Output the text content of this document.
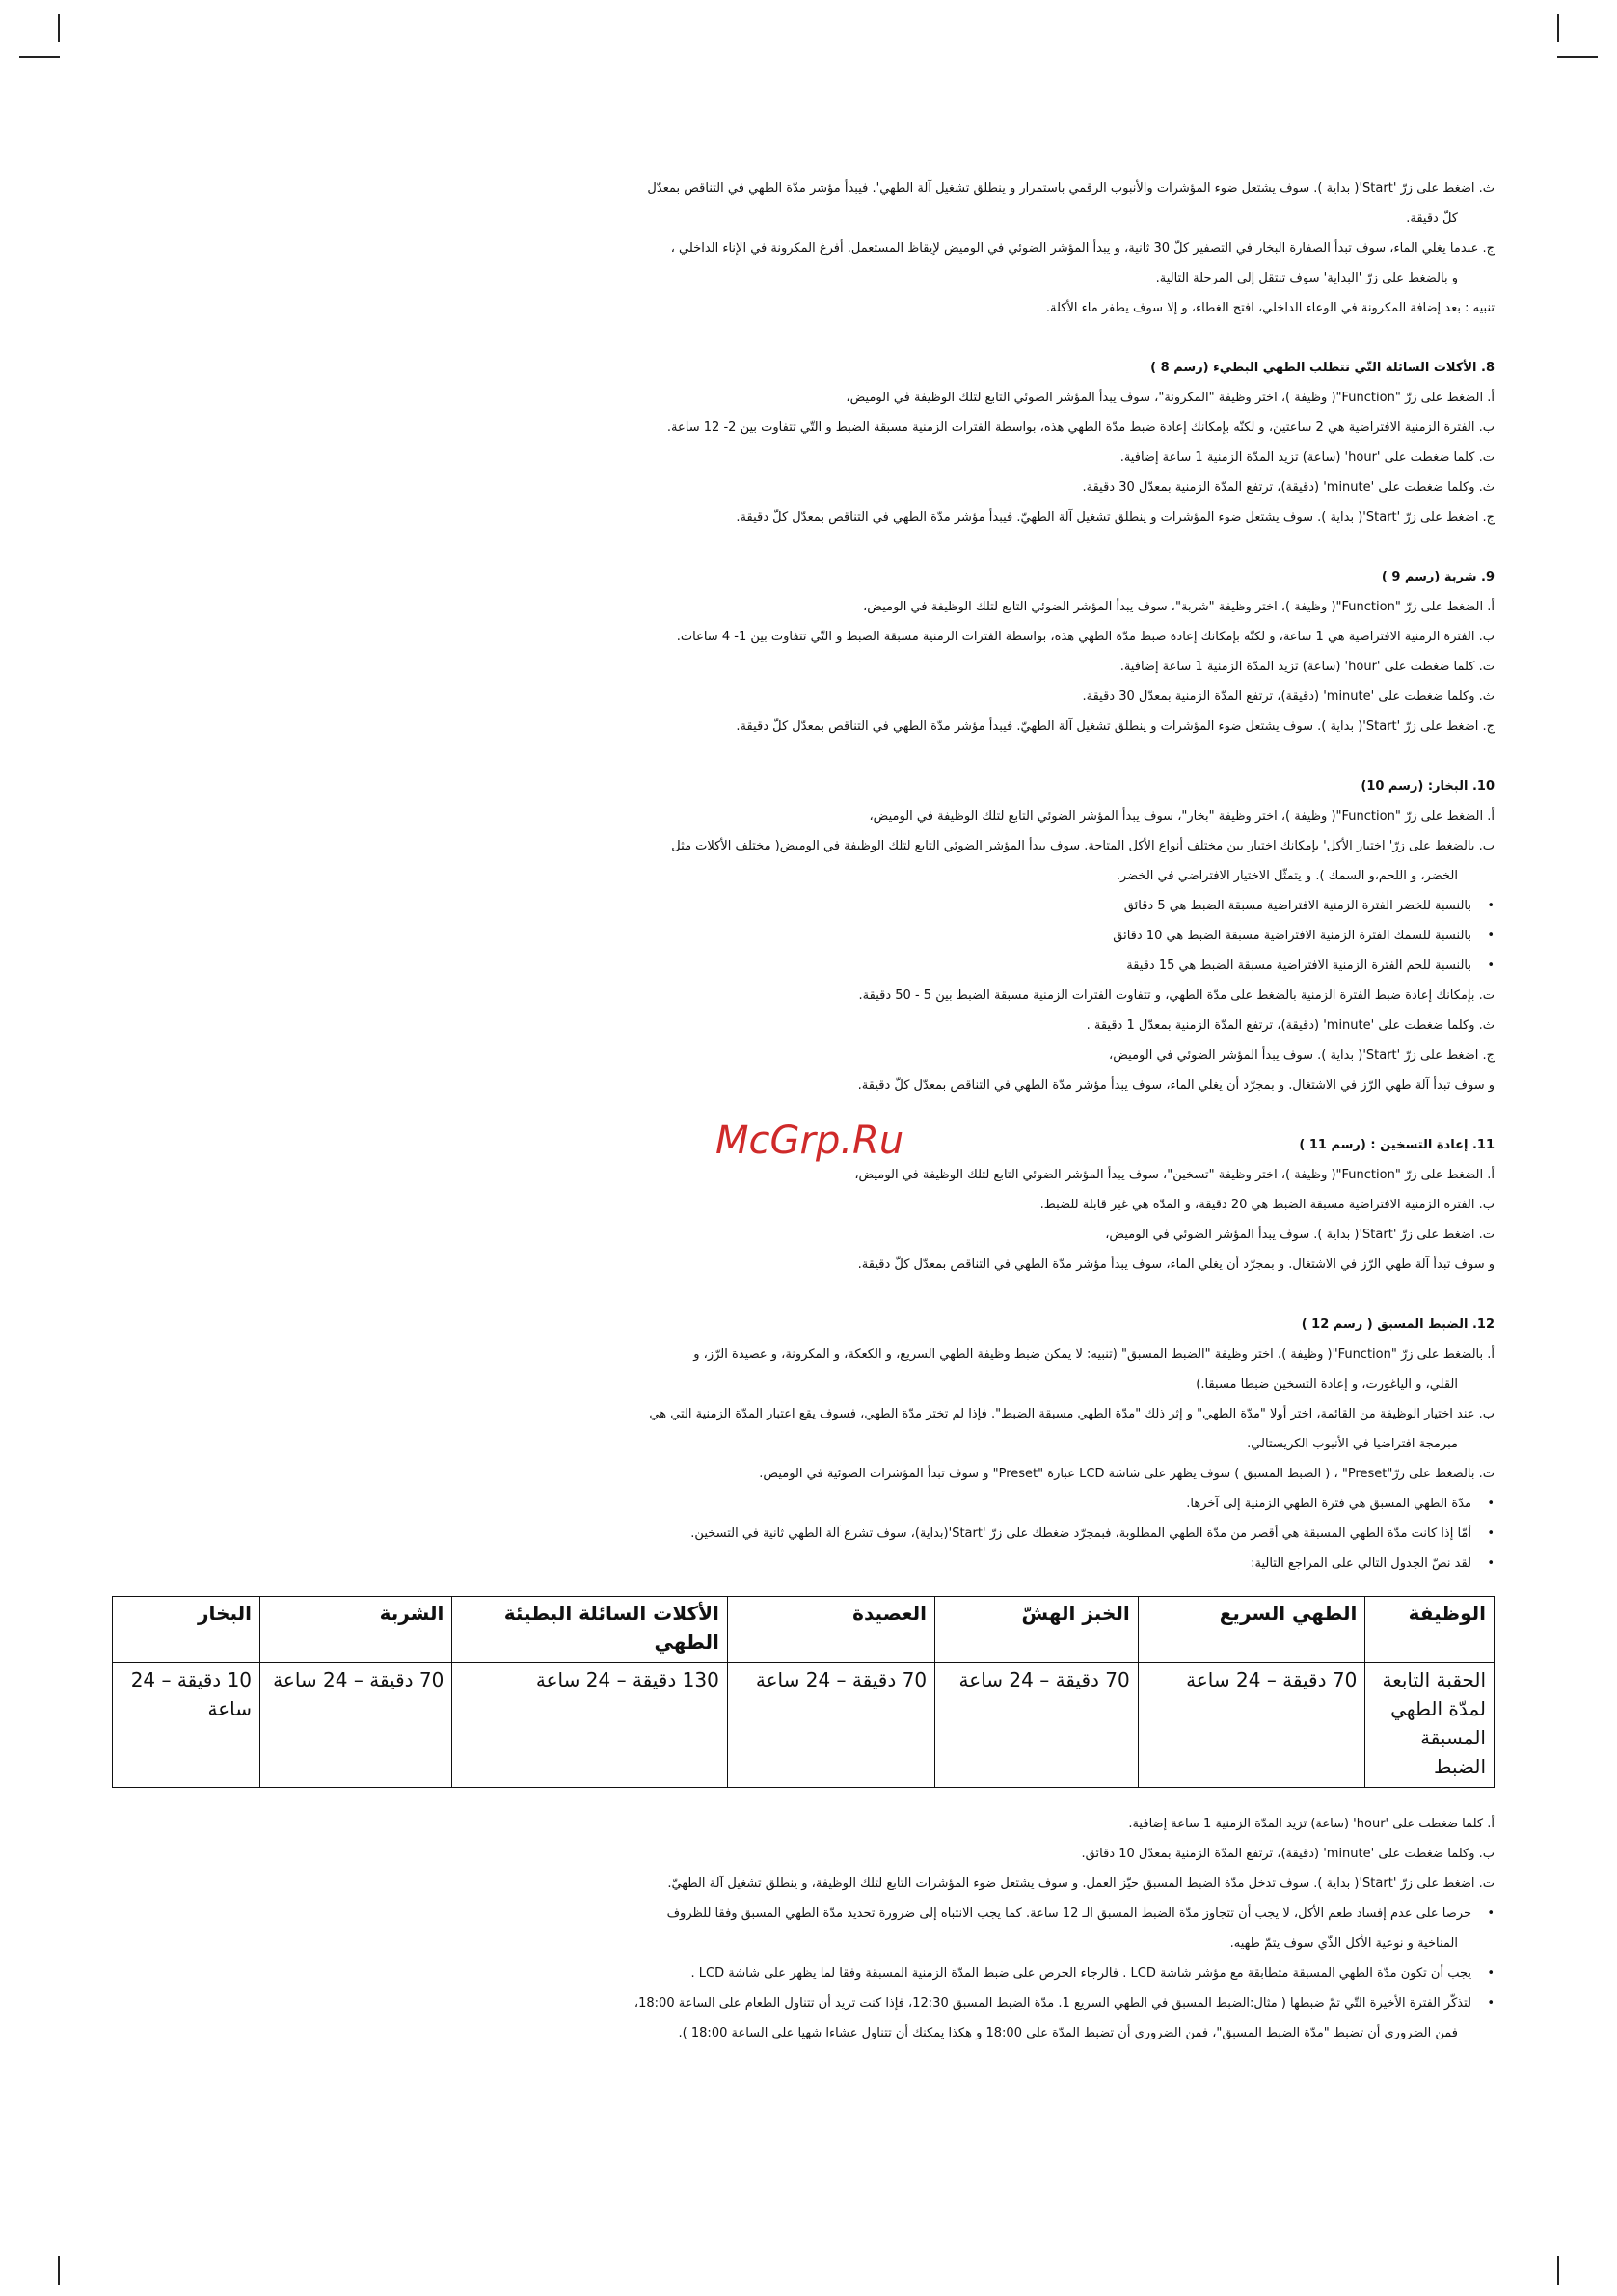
McGrp.Ru

ث. اضغط على زرّ 'Start'( بداية ). سوف يشتعل ضوء المؤشرات والأنبوب الرقمي باستمرار و ينطلق تشغيل آلة الطهي'. فيبدأ مؤشر مدّة الطهي في التناقص بمعدّل

كلّ دقيقة.

ج. عندما يغلي الماء، سوف تبدأ الصفارة البخار في التصفير كلّ 30 ثانية، و يبدأ المؤشر الضوئي في الوميض لإيقاظ المستعمل. أفرغ المكرونة في الإناء الداخلي ،

و بالضغط على زرّ 'البداية' سوف تنتقل إلى المرحلة التالية.

تنبيه : بعد إضافة المكرونة في الوعاء الداخلي، افتح الغطاء، و إلا سوف يطفر ماء الأكلة.

8. الأكلات السائلة التّي تتطلب الطهي البطيء (رسم 8 )

أ. الضغط على زرّ "Function"( وظيفة )، اختر وظيفة "المكرونة"، سوف يبدأ المؤشر الضوئي التابع لتلك الوظيفة في الوميض،

ب. الفترة الزمنية الافتراضية هي 2 ساعتين، و لكنّه بإمكانك إعادة ضبط مدّة الطهي هذه، بواسطة الفترات الزمنية مسبقة الضبط و التّي تتفاوت بين 2- 12 ساعة.

ت. كلما ضغطت على 'hour' (ساعة) تزيد المدّة الزمنية 1 ساعة إضافية.

ث. وكلما ضغطت على 'minute' (دقيقة)، ترتفع المدّة الزمنية بمعدّل 30 دقيقة.

ج. اضغط على زرّ 'Start'( بداية ). سوف يشتعل ضوء المؤشرات و ينطلق تشغيل آلة الطهيّ. فيبدأ مؤشر مدّة الطهي في التناقص بمعدّل كلّ دقيقة.

9. شربة (رسم 9 )

أ. الضغط على زرّ "Function"( وظيفة )، اختر وظيفة "شربة"، سوف يبدأ المؤشر الضوئي التابع لتلك الوظيفة في الوميض،

ب. الفترة الزمنية الافتراضية هي 1 ساعة، و لكنّه بإمكانك إعادة ضبط مدّة الطهي هذه، بواسطة الفترات الزمنية مسبقة الضبط و التّي تتفاوت بين 1- 4 ساعات.

ت. كلما ضغطت على 'hour' (ساعة) تزيد المدّة الزمنية 1 ساعة إضافية.

ث. وكلما ضغطت على 'minute' (دقيقة)، ترتفع المدّة الزمنية بمعدّل 30 دقيقة.

ج. اضغط على زرّ 'Start'( بداية ). سوف يشتعل ضوء المؤشرات و ينطلق تشغيل آلة الطهيّ. فيبدأ مؤشر مدّة الطهي في التناقص بمعدّل كلّ دقيقة.

10. البخار: (رسم 10)

أ. الضغط على زرّ "Function"( وظيفة )، اختر وظيفة "بخار"، سوف يبدأ المؤشر الضوئي التابع لتلك الوظيفة في الوميض،

ب. بالضغط على زرّ' اختيار الأكل' بإمكانك اختيار بين مختلف أنواع الأكل المتاحة. سوف يبدأ المؤشر الضوئي التابع لتلك الوظيفة في الوميض( مختلف الأكلات مثل

الخضر، و اللحم،و السمك ). و يتمثّل الاختيار الافتراضي في الخضر.

• بالنسبة للخضر الفترة الزمنية الافتراضية مسبقة الضبط هي 5 دقائق

• بالنسبة للسمك الفترة الزمنية الافتراضية مسبقة الضبط هي 10 دقائق

• بالنسبة للحم الفترة الزمنية الافتراضية مسبقة الضبط هي 15 دقيقة

ت. بإمكانك إعادة ضبط الفترة الزمنية بالضغط على مدّة الطهي، و تتفاوت الفترات الزمنية مسبقة الضبط بين 5 - 50 دقيقة.

ث. وكلما ضغطت على 'minute' (دقيقة)، ترتفع المدّة الزمنية بمعدّل 1 دقيقة .

ج. اضغط على زرّ 'Start'( بداية ). سوف يبدأ المؤشر الضوئي في الوميض،

و سوف تبدأ آلة طهي الرّز في الاشتغال. و بمجرّد أن يغلي الماء، سوف يبدأ مؤشر مدّة الطهي في التناقص بمعدّل كلّ دقيقة.

11. إعادة التسخين : (رسم 11 )

أ. الضغط على زرّ "Function"( وظيفة )، اختر وظيفة "تسخين"، سوف يبدأ المؤشر الضوئي التابع لتلك الوظيفة في الوميض،

ب. الفترة الزمنية الافتراضية مسبقة الضبط هي 20 دقيقة، و المدّة هي غير قابلة للضبط.

ت. اضغط على زرّ 'Start'( بداية ). سوف يبدأ المؤشر الضوئي في الوميض،

و سوف تبدأ آلة طهي الرّز في الاشتغال. و بمجرّد أن يغلي الماء، سوف يبدأ مؤشر مدّة الطهي في التناقص بمعدّل كلّ دقيقة.

12. الضبط المسبق ( رسم 12 )

أ. بالضغط على زرّ "Function"( وظيفة )، اختر وظيفة "الضبط المسبق" (تنبيه: لا يمكن ضبط وظيفة الطهي السريع، و الكعكة، و المكرونة، و عصيدة الرّز، و

القلي، و الياغورت، و إعادة التسخين ضبطا مسبقا.)

ب. عند اختيار الوظيفة من القائمة، اختر أولا "مدّة الطهي" و إثر ذلك "مدّة الطهي مسبقة الضبط". فإذا لم تختر مدّة الطهي، فسوف يقع اعتبار المدّة الزمنية التي هي

مبرمجة افتراضيا في الأنبوب الكريستالي.

ت. بالضغط على زرّ"Preset" ، ( الضبط المسبق ) سوف يظهر على شاشة LCD عبارة "Preset" و سوف تبدأ المؤشرات الضوئية في الوميض.

• مدّة الطهي المسبق هي فترة الطهي الزمنية إلى آخرها.

• أمّا إذا كانت مدّة الطهي المسبقة هي أقصر من مدّة الطهي المطلوبة، فبمجرّد ضغطك على زرّ 'Start'(بداية)، سوف تشرع آلة الطهي ثانية في التسخين.

• لقد نصّ الجدول التالي على المراجع التالية:

الوظيفة	الطهي السريع	الخبز الهشّ	العصيدة	الأكلات السائلة البطيئة الطهي	الشربة	البخار
الحقبة التابعة لمدّة الطهي المسبقة الضبط	70 دقيقة – 24 ساعة	70 دقيقة – 24 ساعة	70 دقيقة – 24 ساعة	130 دقيقة – 24 ساعة	70 دقيقة – 24 ساعة	10 دقيقة – 24 ساعة

أ. كلما ضغطت على 'hour' (ساعة) تزيد المدّة الزمنية 1 ساعة إضافية.

ب. وكلما ضغطت على 'minute' (دقيقة)، ترتفع المدّة الزمنية بمعدّل 10 دقائق.

ت. اضغط على زرّ 'Start'( بداية ). سوف تدخل مدّة الضبط المسبق حيّز العمل. و سوف يشتعل ضوء المؤشرات التابع لتلك الوظيفة، و ينطلق تشغيل آلة الطهيّ.

• حرصا على عدم إفساد طعم الأكل، لا يجب أن تتجاوز مدّة الضبط المسبق الـ 12 ساعة. كما يجب الانتباه إلى ضرورة تحديد مدّة الطهي المسبق وفقا للظروف

المناخية و نوعية الأكل الذّي سوف يتمّ طهيه.

• يجب أن تكون مدّة الطهي المسبقة متطابقة مع مؤشر شاشة LCD . فالرجاء الحرص على ضبط المدّة الزمنية المسبقة وفقا لما يظهر على شاشة LCD .

• لتذكّر الفترة الأخيرة التّي تمّ ضبطها ( مثال:الضبط المسبق في الطهي السريع 1. مدّة الضبط المسبق 12:30، فإذا كنت تريد أن تتناول الطعام على الساعة 18:00،

فمن الضروري أن تضبط "مدّة الضبط المسبق"، فمن الضروري أن تضبط المدّة على 18:00 و هكذا يمكنك أن تتناول عشاءا شهيا على الساعة 18:00 ).
